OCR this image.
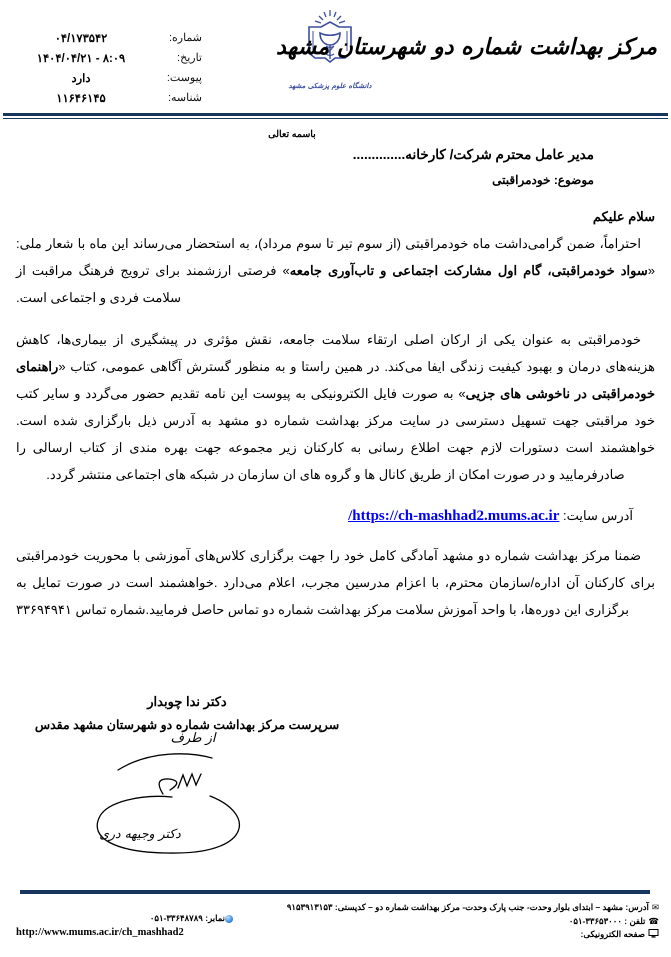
شماره:
۰۴/۱۷۳۵۴۲
تاریخ:
۱۴۰۴/۰۴/۲۱ - ۸:۰۹
پیوست:
دارد
شناسه:
۱۱۶۴۶۱۴۵
دانشگاه علوم پزشکی مشهد
مرکز بهداشت شماره دو شهرستان مشهد
باسمه تعالی
مدیر عامل محترم شرکت/ کارخانه..............
موضوع: خودمراقبتی
سلام علیکم

احتراماً، ضمن گرامی‌داشت ماه خودمراقبتی (از سوم تیر تا سوم مرداد)، به استحضار می‌رساند این ماه با شعار ملی: «سواد خودمراقبتی، گام اول مشارکت اجتماعی و تاب‌آوری جامعه» فرصتی ارزشمند برای ترویج فرهنگ مراقبت از سلامت فردی و اجتماعی است.

خودمراقبتی به عنوان یکی از ارکان اصلی ارتقاء سلامت جامعه، نقش مؤثری در پیشگیری از بیماری‌ها، کاهش هزینه‌های درمان و بهبود کیفیت زندگی ایفا می‌کند. در همین راستا و به منظور گسترش آگاهی عمومی، کتاب «راهنمای خودمراقبتی در ناخوشی های جزیی» به صورت فایل الکترونیکی به پیوست این نامه تقدیم حضور می‌گردد و سایر کتب خود مراقبتی جهت تسهیل دسترسی در سایت مرکز بهداشت شماره دو مشهد به آدرس ذیل بارگزاری شده است. خواهشمند است دستورات لازم جهت اطلاع رسانی به کارکنان زیر مجموعه جهت بهره مندی از کتاب ارسالی را صادرفرمایید و در صورت امکان از طریق کانال ها و گروه های ان سازمان در شبکه های اجتماعی منتشر گردد.

آدرس سایت: /https://ch-mashhad2.mums.ac.ir

ضمنا مرکز بهداشت شماره دو مشهد آمادگی کامل خود را جهت برگزاری کلاس‌های آموزشی با محوریت خودمراقبتی برای کارکنان آن اداره/سازمان محترم، با اعزام مدرسین مجرب، اعلام می‌دارد .خواهشمند است در صورت تمایل به برگزاری این دوره‌ها، با واحد آموزش سلامت مرکز بهداشت شماره دو تماس حاصل فرمایید.شماره تماس ۳۳۶۹۴۹۴۱

دکتر ندا چوبدار
سرپرست مرکز بهداشت شماره دو شهرستان مشهد مقدس
از طرف
دکتر وجیهه دری
✉آدرس: مشهد – ابتدای بلوار وحدت- جنب پارک وحدت- مرکز بهداشت شماره دو – کدپستی: ۹۱۵۳۹۱۳۱۵۳
☎تلفن : ۰۵۱-۳۳۶۵۳۰۰۰
صفحه الکترونیکی:
نمابر: ۰۵۱-۳۳۶۴۸۷۸۹
http://www.mums.ac.ir/ch_mashhad2
